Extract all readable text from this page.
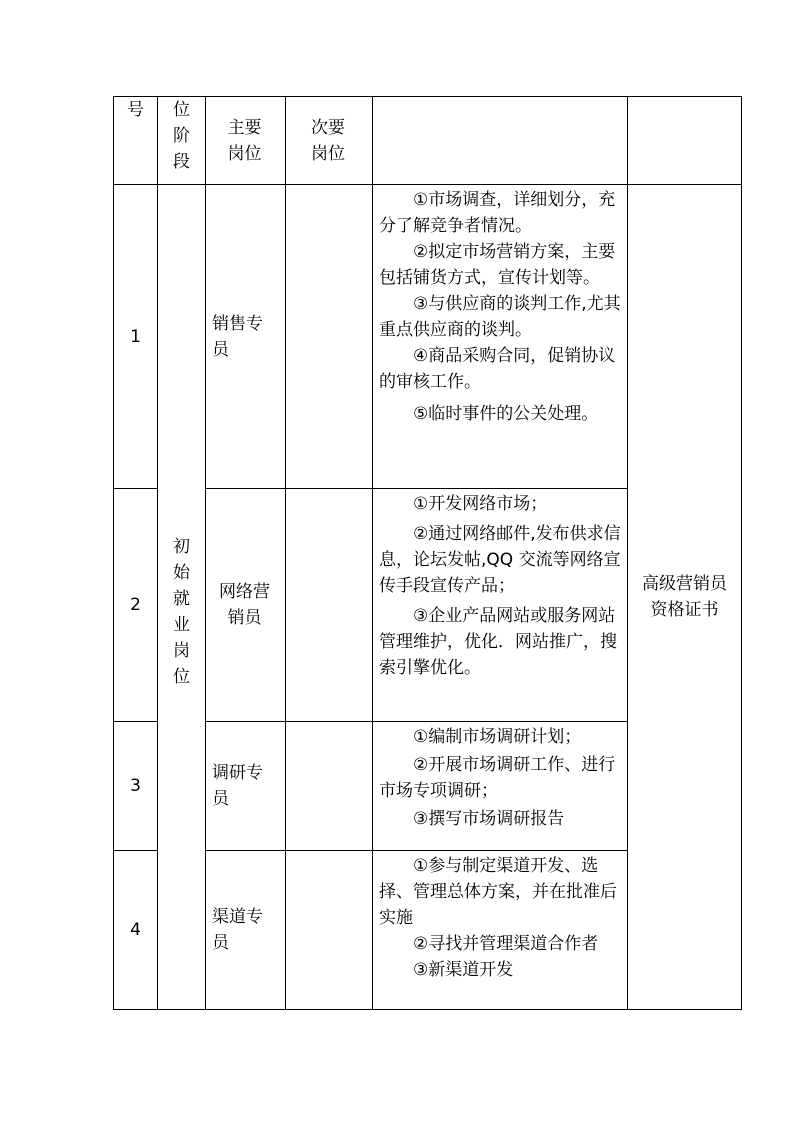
号	位阶段	主要岗位	次要岗位		
1	初始就业岗位	销售专员		①市场调查，详细划分，充分了解竞争者情况。

②拟定市场营销方案，主要包括铺货方式，宣传计划等。

③与供应商的谈判工作,尤其重点供应商的谈判。

④商品采购合同，促销协议的审核工作。

⑤临时事件的公关处理。	高级营销员资格证书
2		网络营销员		①开发网络市场；

②通过网络邮件,发布供求信息，论坛发帖,QQ 交流等网络宣传手段宣传产品；

③企业产品网站或服务网站管理维护，优化．网站推广，搜索引擎优化。	

3		调研专员		①编制市场调研计划；

②开展市场调研工作、进行市场专项调研；

③撰写市场调研报告	

4		渠道专员		①参与制定渠道开发、选择、管理总体方案，并在批准后实施

②寻找并管理渠道合作者

③新渠道开发	
